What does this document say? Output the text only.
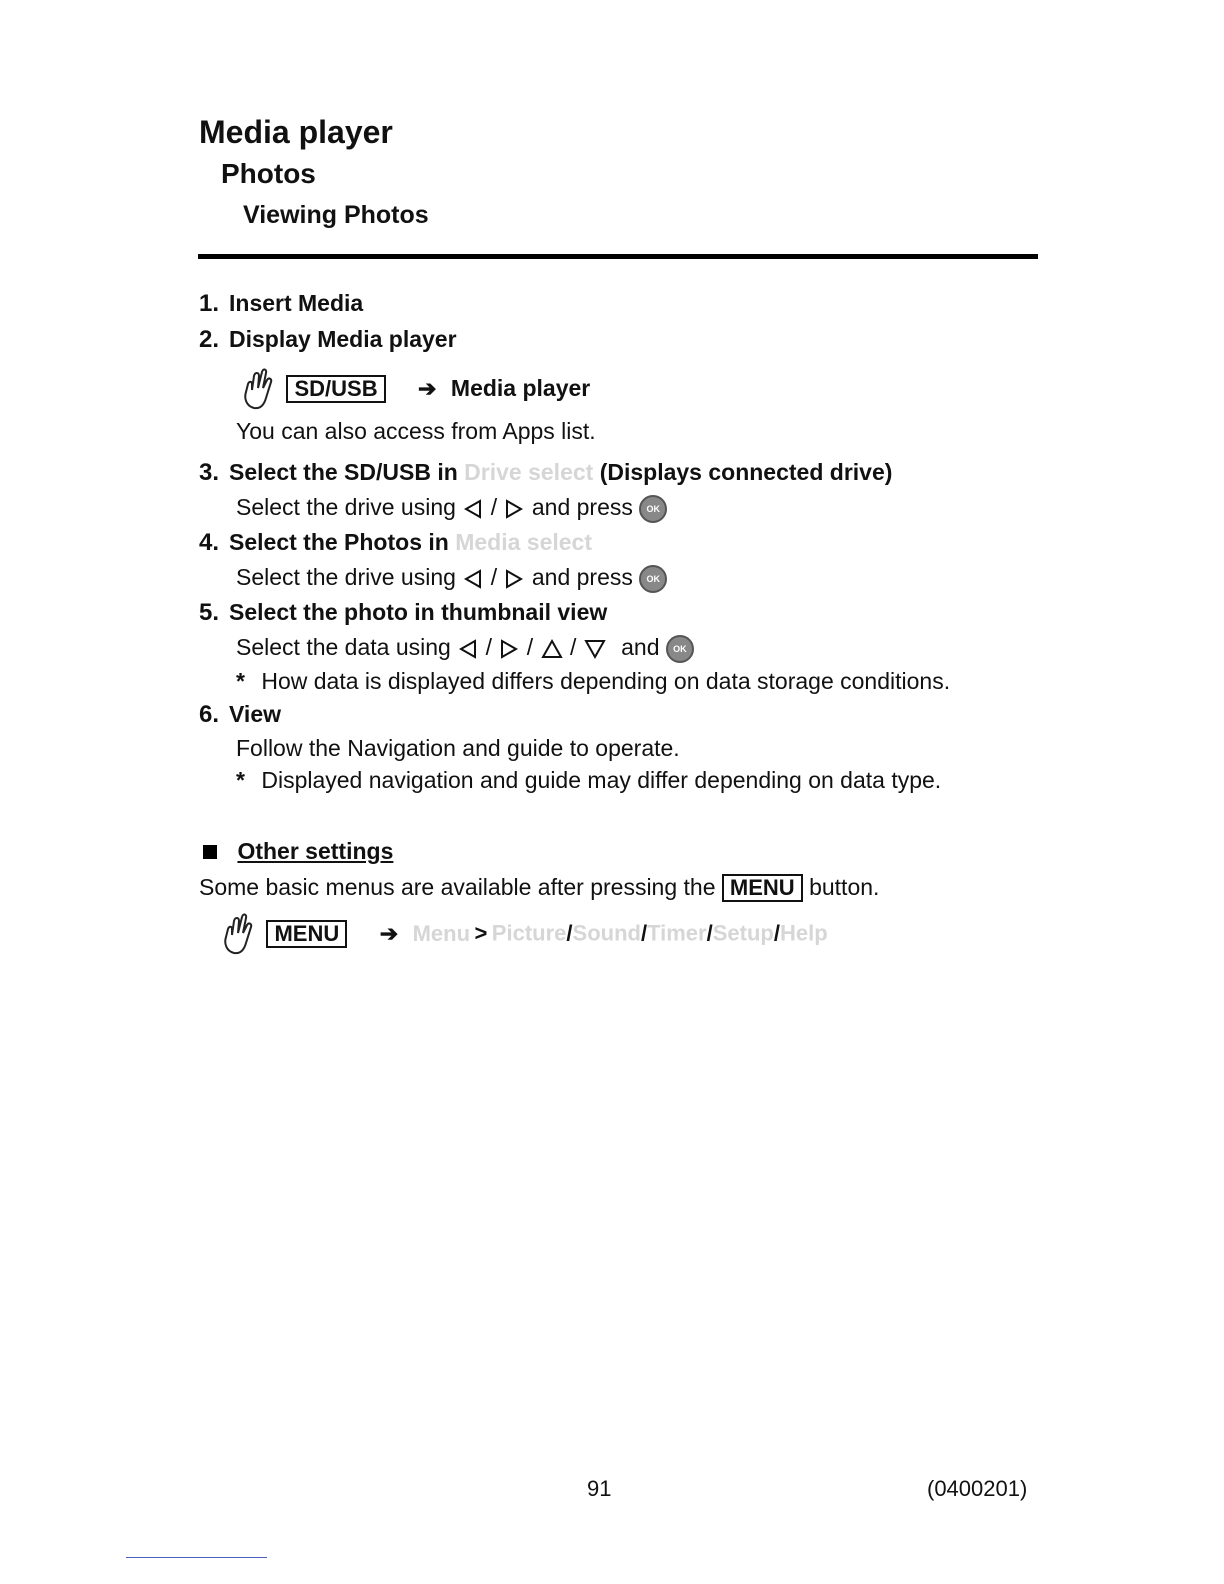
Media player
Photos
Viewing Photos
1. Insert Media
2. Display Media player
SD/USB ➔ Media player
You can also access from Apps list.
3. Select the SD/USB in Drive select (Displays connected drive)
Select the drive using / and press OK
4. Select the Photos in Media select
Select the drive using / and press OK
5. Select the photo in thumbnail view
Select the data using / / / and OK
* How data is displayed differs depending on data storage conditions.
6. View
Follow the Navigation and guide to operate.
* Displayed navigation and guide may differ depending on data type.
Other settings
Some basic menus are available after pressing the MENU button.
MENU ➔ Menu > Picture/Sound/Timer/Setup/Help
91	(0400201)
